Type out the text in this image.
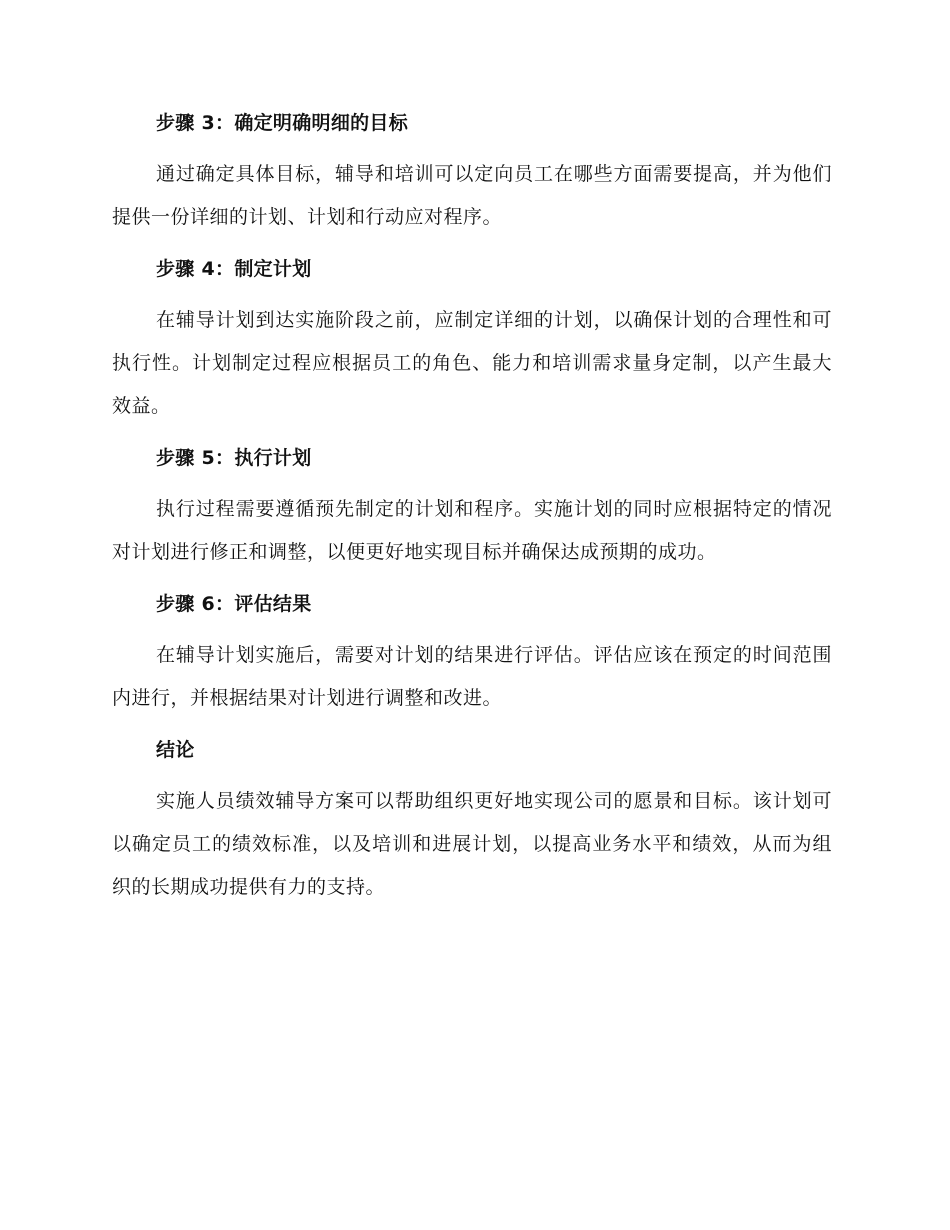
步骤 3：确定明确明细的目标

通过确定具体目标，辅导和培训可以定向员工在哪些方面需要提高，并为他们提供一份详细的计划、计划和行动应对程序。

步骤 4：制定计划

在辅导计划到达实施阶段之前，应制定详细的计划，以确保计划的合理性和可执行性。计划制定过程应根据员工的角色、能力和培训需求量身定制，以产生最大效益。

步骤 5：执行计划

执行过程需要遵循预先制定的计划和程序。实施计划的同时应根据特定的情况对计划进行修正和调整，以便更好地实现目标并确保达成预期的成功。

步骤 6：评估结果

在辅导计划实施后，需要对计划的结果进行评估。评估应该在预定的时间范围内进行，并根据结果对计划进行调整和改进。

结论

实施人员绩效辅导方案可以帮助组织更好地实现公司的愿景和目标。该计划可以确定员工的绩效标准，以及培训和进展计划，以提高业务水平和绩效，从而为组织的长期成功提供有力的支持。
